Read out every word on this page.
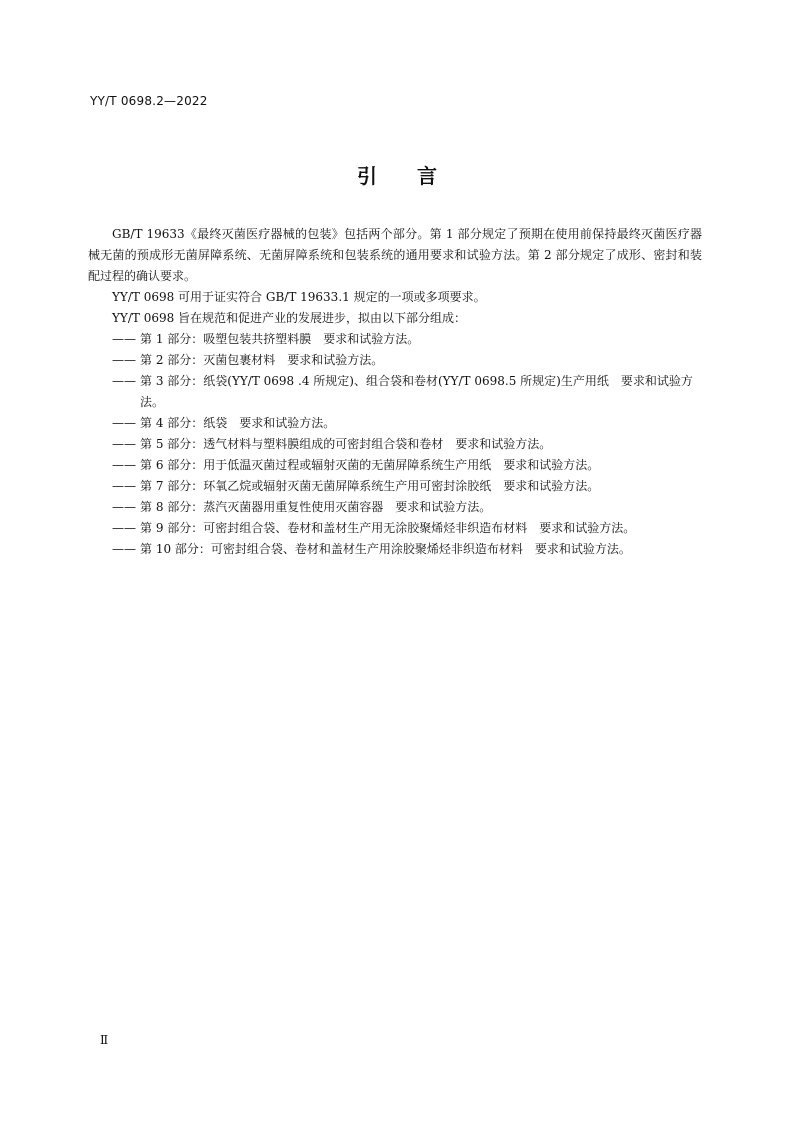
YY/T 0698.2—2022
引言

GB/T 19633《最终灭菌医疗器械的包装》包括两个部分。第 1 部分规定了预期在使用前保持最终灭菌医疗器械无菌的预成形无菌屏障系统、无菌屏障系统和包装系统的通用要求和试验方法。第 2 部分规定了成形、密封和装配过程的确认要求。

YY/T 0698 可用于证实符合 GB/T 19633.1 规定的一项或多项要求。

YY/T 0698 旨在规范和促进产业的发展进步，拟由以下部分组成：

—— 第 1 部分：吸塑包装共挤塑料膜　要求和试验方法。
—— 第 2 部分：灭菌包裹材料　要求和试验方法。
—— 第 3 部分：纸袋(YY/T 0698 .4 所规定)、组合袋和卷材(YY/T 0698.5 所规定)生产用纸　要求和试验方法。
—— 第 4 部分：纸袋　要求和试验方法。
—— 第 5 部分：透气材料与塑料膜组成的可密封组合袋和卷材　要求和试验方法。
—— 第 6 部分：用于低温灭菌过程或辐射灭菌的无菌屏障系统生产用纸　要求和试验方法。
—— 第 7 部分：环氧乙烷或辐射灭菌无菌屏障系统生产用可密封涂胶纸　要求和试验方法。
—— 第 8 部分：蒸汽灭菌器用重复性使用灭菌容器　要求和试验方法。
—— 第 9 部分：可密封组合袋、卷材和盖材生产用无涂胶聚烯烃非织造布材料　要求和试验方法。
—— 第 10 部分：可密封组合袋、卷材和盖材生产用涂胶聚烯烃非织造布材料　要求和试验方法。
Ⅱ
